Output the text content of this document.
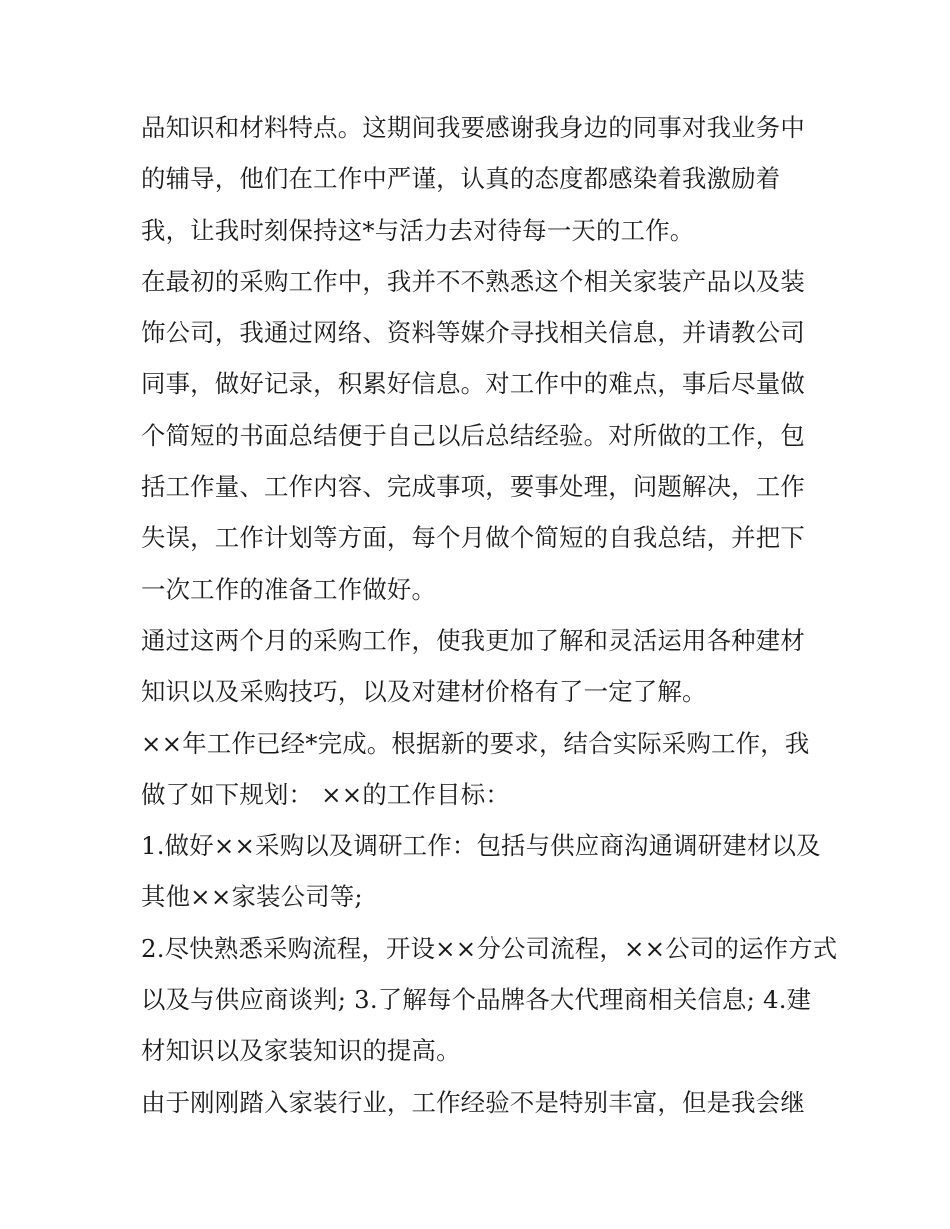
品知识和材料特点。这期间我要感谢我身边的同事对我业务中
的辅导，他们在工作中严谨，认真的态度都感染着我激励着
我，让我时刻保持这*与活力去对待每一天的工作。

在最初的采购工作中，我并不不熟悉这个相关家装产品以及装
饰公司，我通过网络、资料等媒介寻找相关信息，并请教公司
同事，做好记录，积累好信息。对工作中的难点，事后尽量做
个简短的书面总结便于自己以后总结经验。对所做的工作，包
括工作量、工作内容、完成事项，要事处理，问题解决，工作
失误，工作计划等方面，每个月做个简短的自我总结，并把下
一次工作的准备工作做好。

通过这两个月的采购工作，使我更加了解和灵活运用各种建材
知识以及采购技巧，以及对建材价格有了一定了解。

××年工作已经*完成。根据新的要求，结合实际采购工作，我
做了如下规划： ××的工作目标：

1.做好××采购以及调研工作：包括与供应商沟通调研建材以及
其他××家装公司等;

2.尽快熟悉采购流程，开设××分公司流程，××公司的运作方式
以及与供应商谈判; 3.了解每个品牌各大代理商相关信息; 4.建
材知识以及家装知识的提高。

由于刚刚踏入家装行业，工作经验不是特别丰富，但是我会继
